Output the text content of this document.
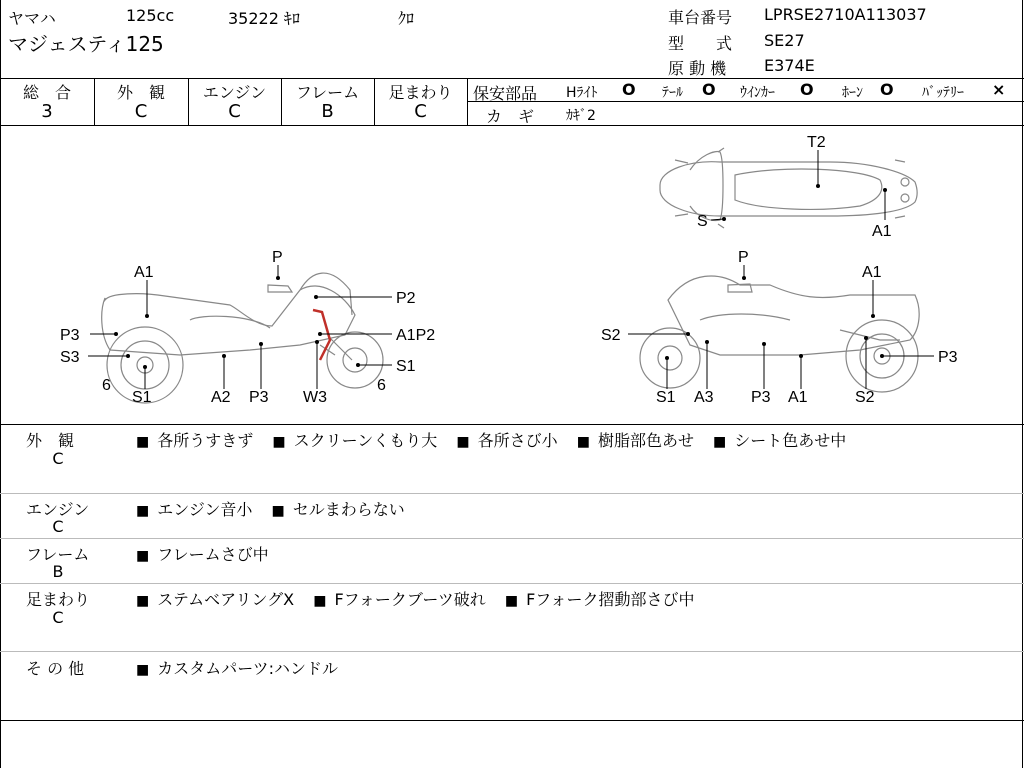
ヤマハ	125cc	35222 ｷﾛ	ｸﾛ
マジェスティ125
車台番号 LPRSE2710A113037
型　　式 SE27
原 動 機 E374E
総　合
3
外　観
C
エンジン
C
フレーム
B
足まわり
C
保安部品 Hﾗｲﾄ O ﾃｰﾙ O ｳｲﾝｶｰ O ﾎｰﾝ O ﾊﾞｯﾃﾘｰ ×
カ　ギ ｶｷﾞ2
T2
S
A1
A1
P
P2
P3	A1P2
S3
S1
6
S1	A2 P3 W3
6
P
A1
S2
P3
S1 A3 P3 A1	S2
外　観
C
■ 各所うすきず	■ スクリーンくもり大	■ 各所さび小	■ 樹脂部色あせ	■ シート色あせ中
エンジン
C
■ エンジン音小	■ セルまわらない
フレーム
B
■ フレームさび中
足まわり
C
■ ステムベアリングX	■ Fフォークブーツ破れ	■ Fフォーク摺動部さび中
そ の 他	■ カスタムパーツ:ハンドル
